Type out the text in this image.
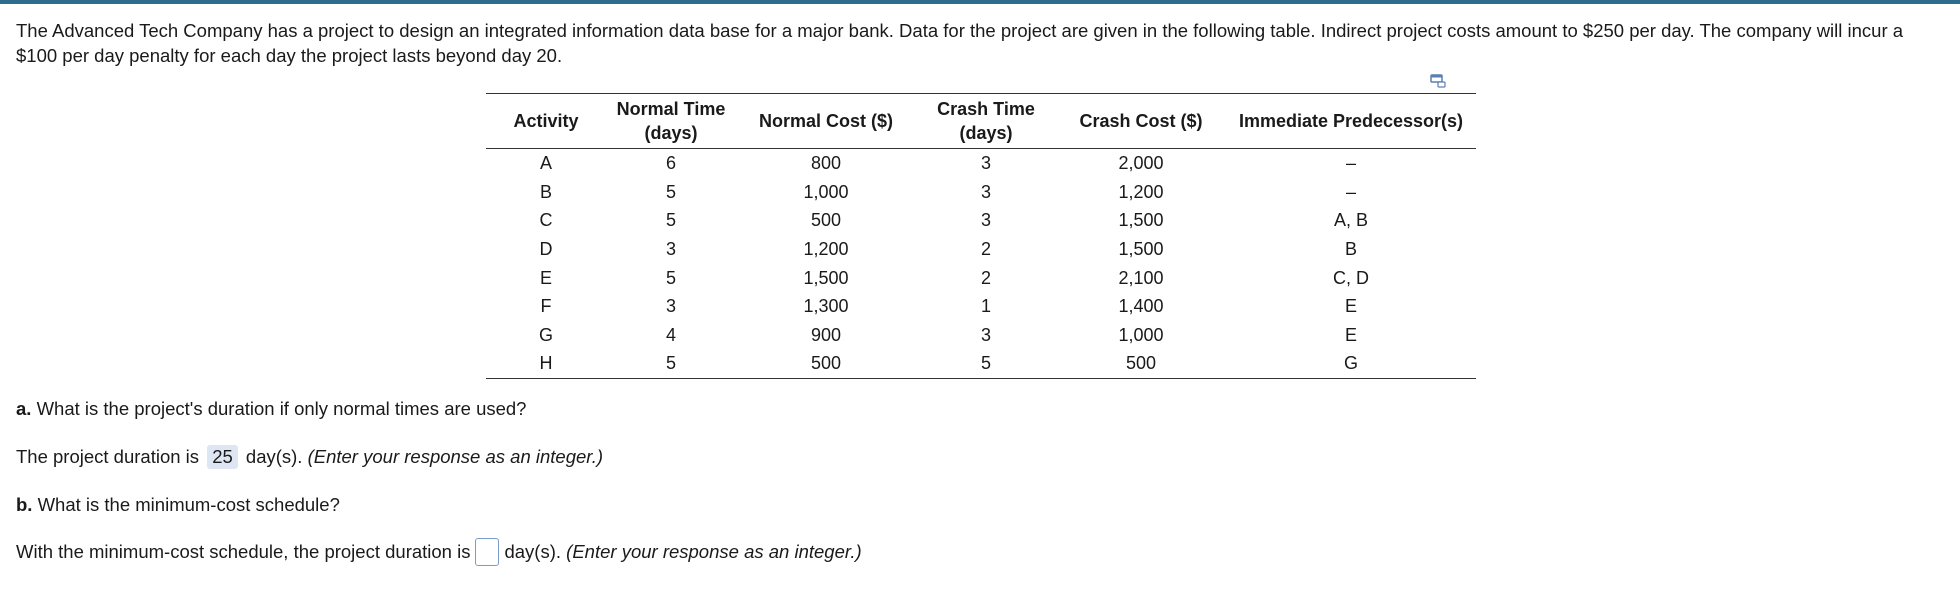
The Advanced Tech Company has a project to design an integrated information data base for a major bank. Data for the project are given in the following table. Indirect project costs amount to $250 per day. The company will incur a $100 per day penalty for each day the project lasts beyond day 20.
Activity	Normal Time (days)	Normal Cost ($)	Crash Time (days)	Crash Cost ($)	Immediate Predecessor(s)
A	6	800	3	2,000	–
B	5	1,000	3	1,200	–
C	5	500	3	1,500	A, B
D	3	1,200	2	1,500	B
E	5	1,500	2	2,100	C, D
F	3	1,300	1	1,400	E
G	4	900	3	1,000	E
H	5	500	5	500	G
a. What is the project's duration if only normal times are used?
The project duration is 25 day(s). (Enter your response as an integer.)
b. What is the minimum-cost schedule?
With the minimum-cost schedule, the project duration is day(s). (Enter your response as an integer.)
